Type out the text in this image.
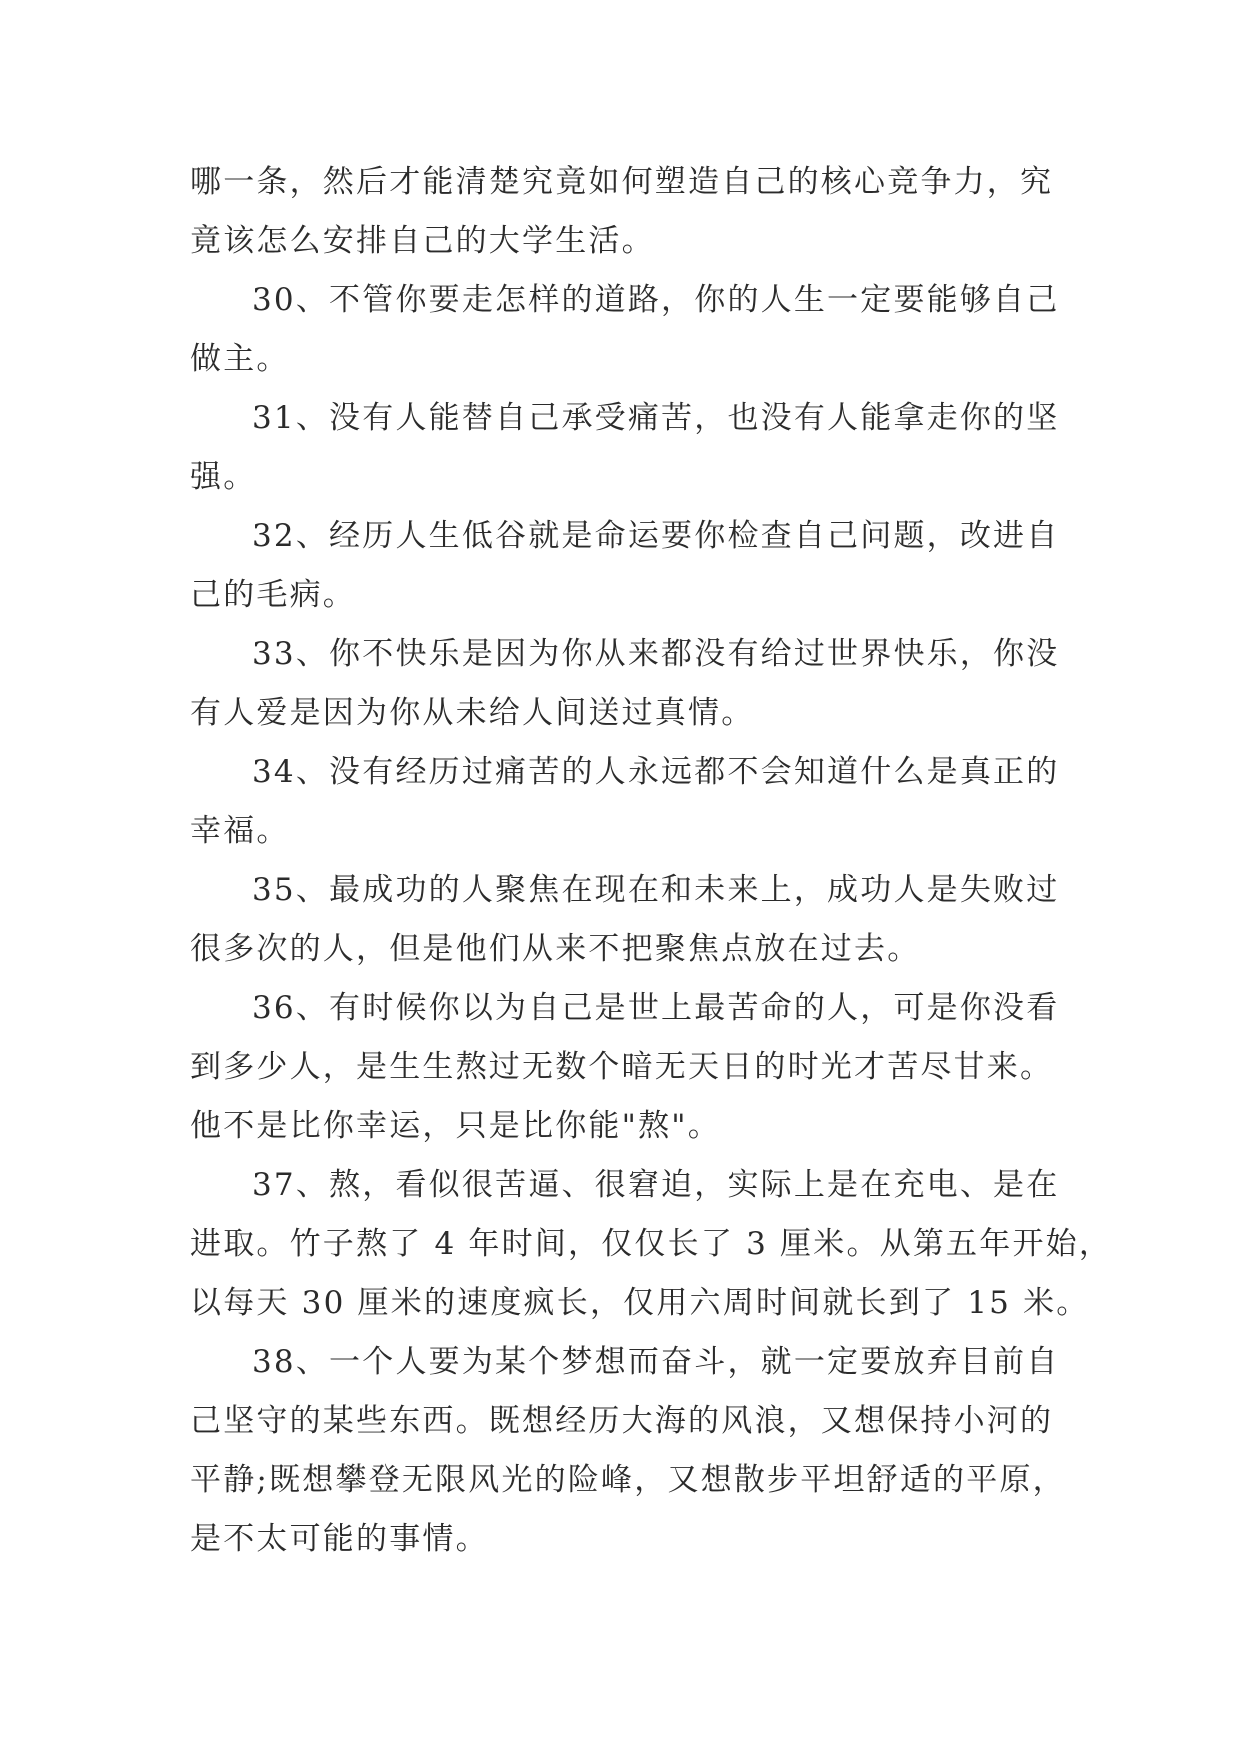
哪一条，然后才能清楚究竟如何塑造自己的核心竞争力，究
竟该怎么安排自己的大学生活。
30、不管你要走怎样的道路，你的人生一定要能够自己
做主。
31、没有人能替自己承受痛苦，也没有人能拿走你的坚
强。
32、经历人生低谷就是命运要你检查自己问题，改进自
己的毛病。
33、你不快乐是因为你从来都没有给过世界快乐，你没
有人爱是因为你从未给人间送过真情。
34、没有经历过痛苦的人永远都不会知道什么是真正的
幸福。
35、最成功的人聚焦在现在和未来上，成功人是失败过
很多次的人，但是他们从来不把聚焦点放在过去。
36、有时候你以为自己是世上最苦命的人，可是你没看
到多少人，是生生熬过无数个暗无天日的时光才苦尽甘来。
他不是比你幸运，只是比你能"熬"。
37、熬，看似很苦逼、很窘迫，实际上是在充电、是在
进取。竹子熬了 4 年时间，仅仅长了 3 厘米。从第五年开始，
以每天 30 厘米的速度疯长，仅用六周时间就长到了 15 米。
38、一个人要为某个梦想而奋斗，就一定要放弃目前自
己坚守的某些东西。既想经历大海的风浪，又想保持小河的
平静;既想攀登无限风光的险峰，又想散步平坦舒适的平原，
是不太可能的事情。
